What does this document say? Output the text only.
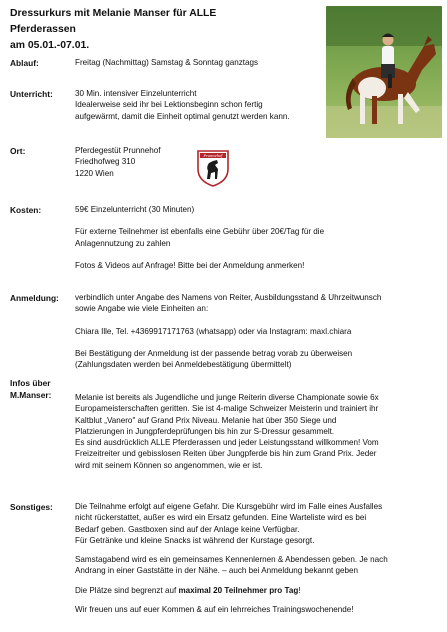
Dressurkurs mit Melanie Manser für ALLE Pferderassen
am 05.01.-07.01.
Ablauf:	Freitag (Nachmittag) Samstag & Sonntag ganztags
Unterricht:	30 Min. intensiver Einzelunterricht

Idealerweise seid ihr bei Lektionsbeginn schon fertig

aufgewärmt, damit die Einheit optimal genutzt werden kann.

Ort:	Pferdegestüt Prunnehof

Friedhofweg 310

1220 Wien

Prunnehof
Kosten:	59€ Einzelunterricht (30 Minuten)

Für externe Teilnehmer ist ebenfalls eine Gebühr über 20€/Tag für die

Anlagennutzung zu zahlen

Fotos & Videos auf Anfrage! Bitte bei der Anmeldung anmerken!

Anmeldung: verbindlich unter Angabe des Namens von Reiter, Ausbildungsstand & Uhrzeitwunsch

sowie Angabe wie viele Einheiten an:

Chiara Ille, Tel. +4369917171763 (whatsapp) oder via Instagram: maxl.chiara

Bei Bestätigung der Anmeldung ist der passende betrag vorab zu überweisen

(Zahlungsdaten werden bei Anmeldebestätigung übermittelt)

Infos über
M.Manser:	Melanie ist bereits als Jugendliche und junge Reiterin diverse Championate sowie 6x

Europameisterschaften geritten. Sie ist 4-malige Schweizer Meisterin und trainiert ihr

Kaltblut „Vanero" auf Grand Prix Niveau. Melanie hat über 350 Siege und

Platzierungen in Jungpferdeprüfungen bis hin zur S-Dressur gesammelt.

Es sind ausdrücklich ALLE Pferderassen und jeder Leistungsstand willkommen! Vom

Freizeitreiter und gebisslosen Reiten über Jungpferde bis hin zum Grand Prix. Jeder

wird mit seinem Können so angenommen, wie er ist.

Sonstiges:	Die Teilnahme erfolgt auf eigene Gefahr. Die Kursgebühr wird im Falle eines Ausfalles

nicht rückerstattet, außer es wird ein Ersatz gefunden. Eine Warteliste wird es bei

Bedarf geben. Gastboxen sind auf der Anlage keine Verfügbar.

Für Getränke und kleine Snacks ist während der Kurstage gesorgt.

Samstagabend wird es ein gemeinsames Kennenlernen & Abendessen geben. Je nach

Andrang in einer Gaststätte in der Nähe. – auch bei Anmeldung bekannt geben

Die Plätze sind begrenzt auf maximal 20 Teilnehmer pro Tag!

Wir freuen uns auf euer Kommen & auf ein lehrreiches Trainingswochenende!
